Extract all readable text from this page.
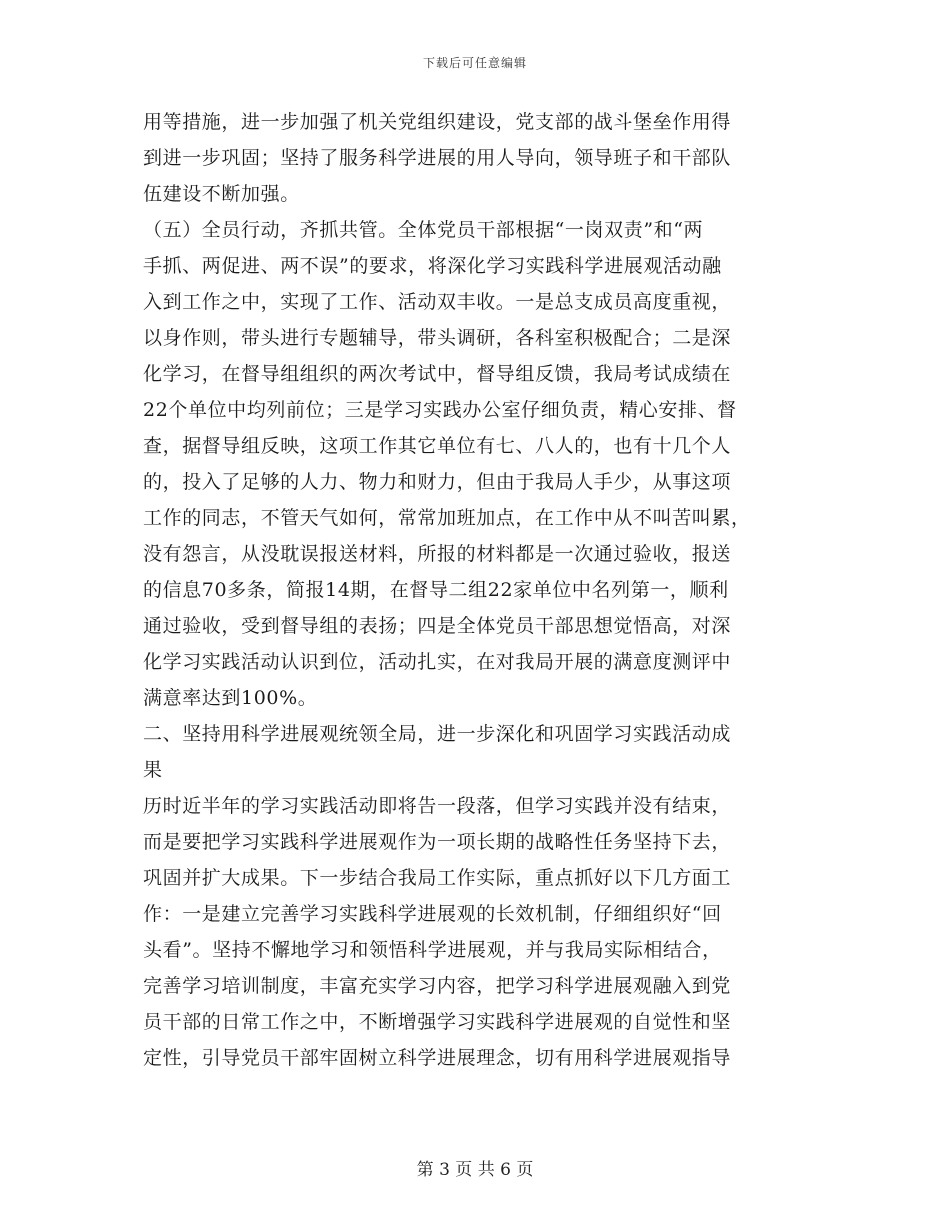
下载后可任意编辑
用等措施，进一步加强了机关党组织建设，党支部的战斗堡垒作用得
到进一步巩固；坚持了服务科学进展的用人导向，领导班子和干部队
伍建设不断加强。
（五）全员行动，齐抓共管。全体党员干部根据“一岗双责”和“两
手抓、两促进、两不误”的要求，将深化学习实践科学进展观活动融
入到工作之中，实现了工作、活动双丰收。一是总支成员高度重视，
以身作则，带头进行专题辅导，带头调研，各科室积极配合；二是深
化学习，在督导组组织的两次考试中，督导组反馈，我局考试成绩在
22个单位中均列前位；三是学习实践办公室仔细负责，精心安排、督
查，据督导组反映，这项工作其它单位有七、八人的，也有十几个人
的，投入了足够的人力、物力和财力，但由于我局人手少，从事这项
工作的同志，不管天气如何，常常加班加点，在工作中从不叫苦叫累，
没有怨言，从没耽误报送材料，所报的材料都是一次通过验收，报送
的信息70多条，简报14期，在督导二组22家单位中名列第一，顺利
通过验收，受到督导组的表扬；四是全体党员干部思想觉悟高，对深
化学习实践活动认识到位，活动扎实，在对我局开展的满意度测评中
满意率达到100%。
二、坚持用科学进展观统领全局，进一步深化和巩固学习实践活动成
果
历时近半年的学习实践活动即将告一段落，但学习实践并没有结束，
而是要把学习实践科学进展观作为一项长期的战略性任务坚持下去，
巩固并扩大成果。下一步结合我局工作实际，重点抓好以下几方面工
作：一是建立完善学习实践科学进展观的长效机制，仔细组织好“回
头看”。坚持不懈地学习和领悟科学进展观，并与我局实际相结合，
完善学习培训制度，丰富充实学习内容，把学习科学进展观融入到党
员干部的日常工作之中，不断增强学习实践科学进展观的自觉性和坚
定性，引导党员干部牢固树立科学进展理念，切有用科学进展观指导
第 3 页 共 6 页
